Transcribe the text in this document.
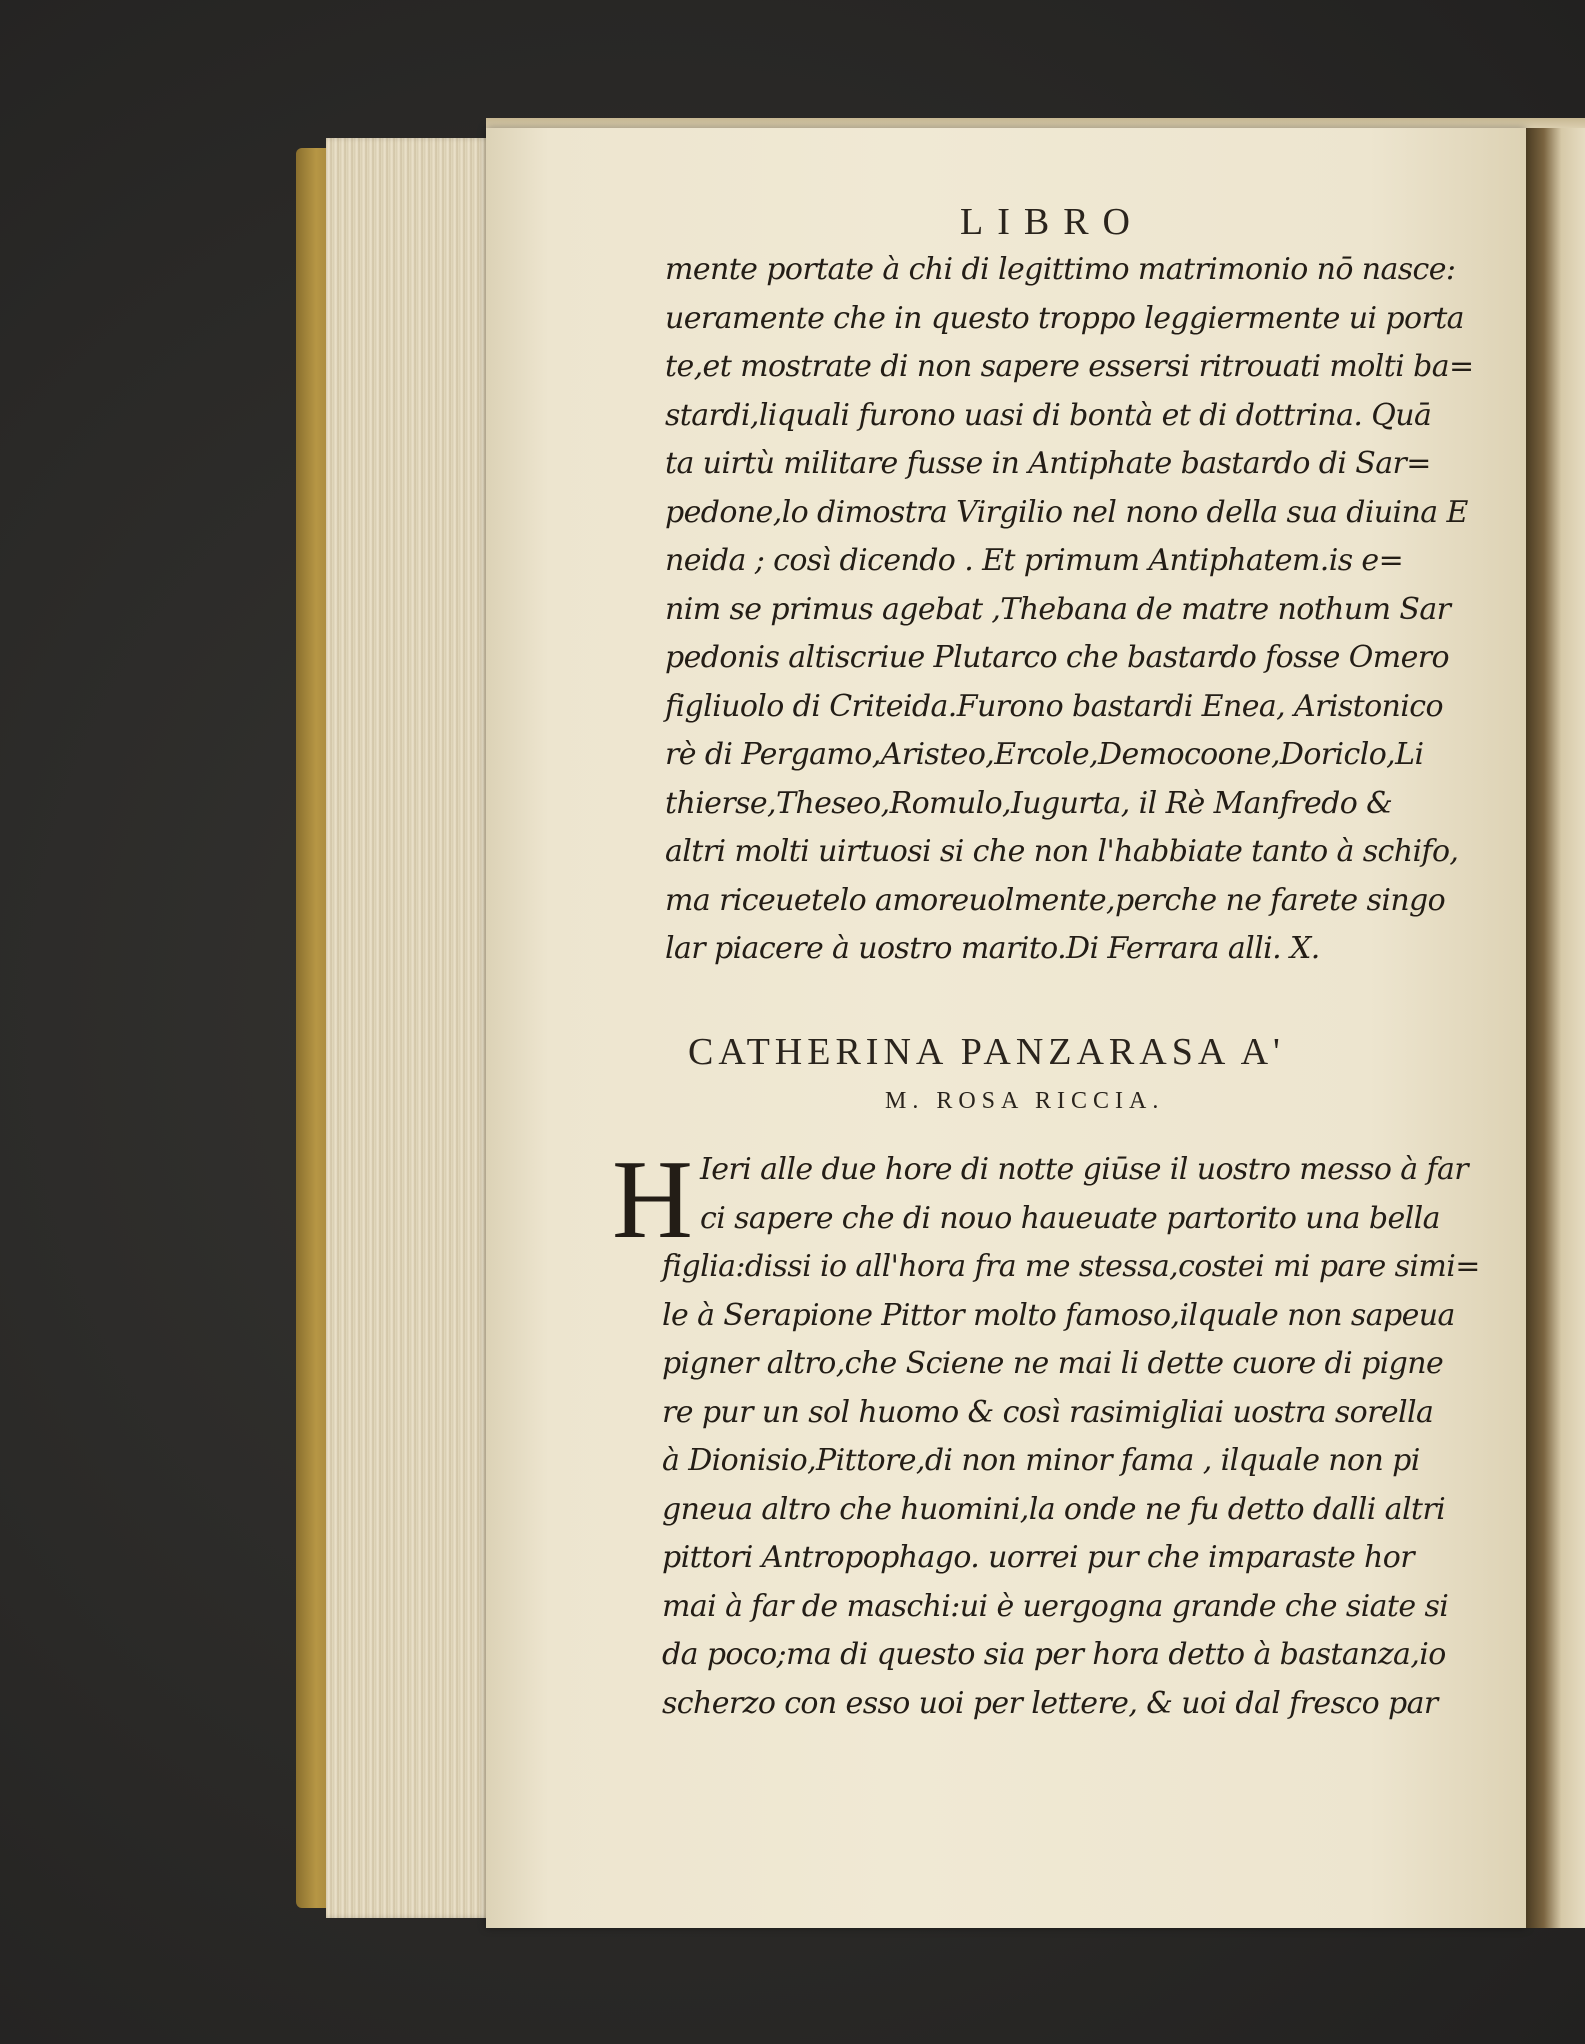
LIBRO
mente portate à chi di legittimo matrimonio nō nasce:
ueramente che in questo troppo leggiermente ui porta
te,et mostrate di non sapere essersi ritrouati molti ba=
stardi,liquali furono uasi di bontà et di dottrina. Quā
ta uirtù militare fusse in Antiphate bastardo di Sar=
pedone,lo dimostra Virgilio nel nono della sua diuina E
neida ; così dicendo . Et primum Antiphatem.is e=
nim se primus agebat ,Thebana de matre nothum Sar
pedonis altiscriue Plutarco che bastardo fosse Omero
figliuolo di Criteida.Furono bastardi Enea, Aristonico
rè di Pergamo,Aristeo,Ercole,Democoone,Doriclo,Li
thierse,Theseo,Romulo,Iugurta, il Rè Manfredo &
altri molti uirtuosi si che non l'habbiate tanto à schifo,
ma riceuetelo amoreuolmente,perche ne farete singo
lar piacere à uostro marito.Di Ferrara alli. X.
CATHERINA PANZARASA A'
M. ROSA RICCIA.
H Ieri alle due hore di notte giūse il uostro messo à far
ci sapere che di nouo haueuate partorito una bella
figlia:dissi io all'hora fra me stessa,costei mi pare simi=
le à Serapione Pittor molto famoso,ilquale non sapeua
pigner altro,che Sciene ne mai li dette cuore di pigne
re pur un sol huomo & così rasimigliai uostra sorella
à Dionisio,Pittore,di non minor fama , ilquale non pi
gneua altro che huomini,la onde ne fu detto dalli altri
pittori Antropophago. uorrei pur che imparaste hor
mai à far de maschi:ui è uergogna grande che siate si
da poco;ma di questo sia per hora detto à bastanza,io
scherzo con esso uoi per lettere, & uoi dal fresco par
